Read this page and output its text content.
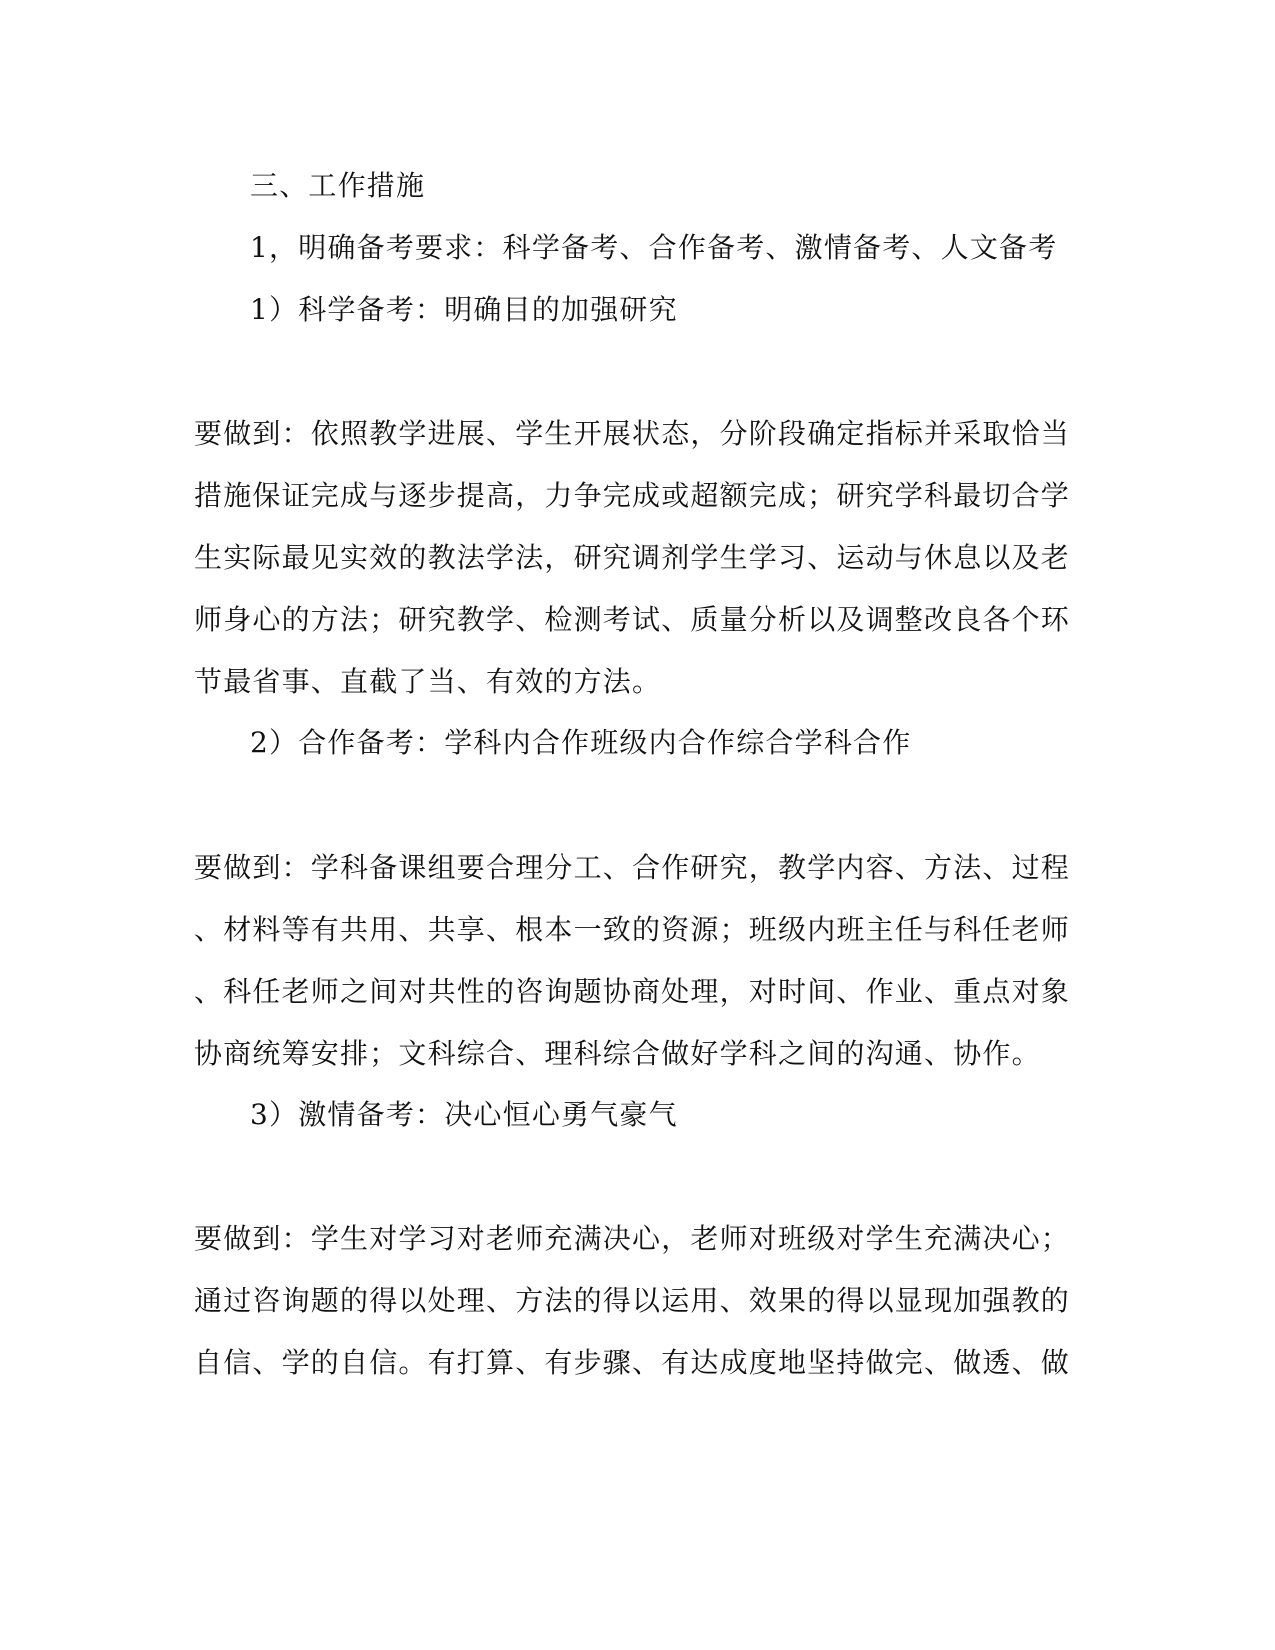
三、工作措施
1，明确备考要求：科学备考、合作备考、激情备考、人文备考
1）科学备考：明确目的加强研究
要做到：依照教学进展、学生开展状态，分阶段确定指标并采取恰当
措施保证完成与逐步提高，力争完成或超额完成；研究学科最切合学
生实际最见实效的教法学法，研究调剂学生学习、运动与休息以及老
师身心的方法；研究教学、检测考试、质量分析以及调整改良各个环
节最省事、直截了当、有效的方法。
2）合作备考：学科内合作班级内合作综合学科合作
要做到：学科备课组要合理分工、合作研究，教学内容、方法、过程
、材料等有共用、共享、根本一致的资源；班级内班主任与科任老师
、科任老师之间对共性的咨询题协商处理，对时间、作业、重点对象
协商统筹安排；文科综合、理科综合做好学科之间的沟通、协作。
3）激情备考：决心恒心勇气豪气
要做到：学生对学习对老师充满决心，老师对班级对学生充满决心；
通过咨询题的得以处理、方法的得以运用、效果的得以显现加强教的
自信、学的自信。有打算、有步骤、有达成度地坚持做完、做透、做
